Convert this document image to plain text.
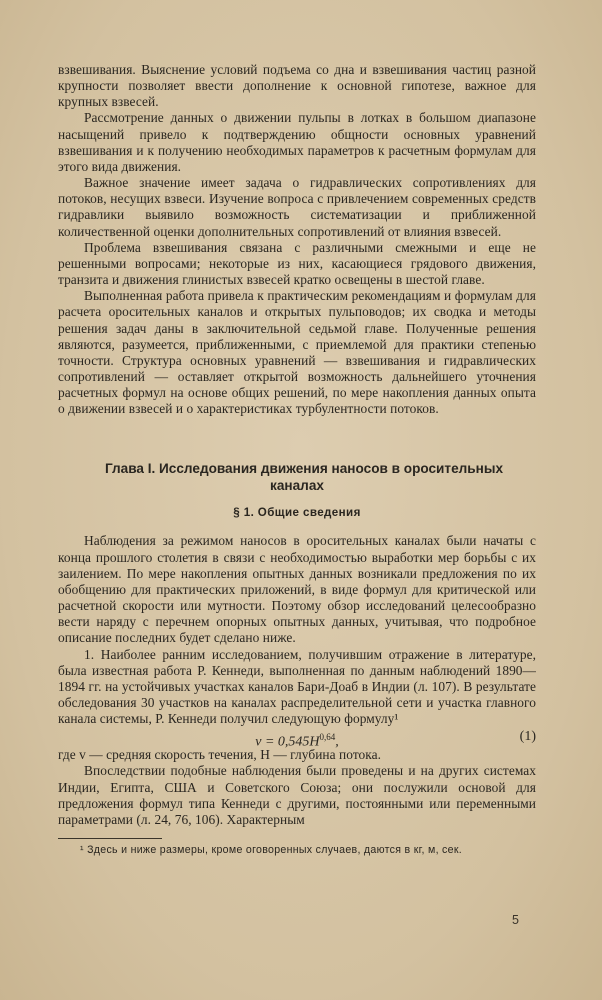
взвешивания. Выяснение условий подъема со дна и взвешивания частиц разной крупности позволяет ввести дополнение к основной гипотезе, важное для крупных взвесей.

Рассмотрение данных о движении пульпы в лотках в большом диапазоне насыщений привело к подтверждению общности основных уравнений взвешивания и к получению необходимых параметров к расчетным формулам для этого вида движения.

Важное значение имеет задача о гидравлических сопротивлениях для потоков, несущих взвеси. Изучение вопроса с привлечением современных средств гидравлики выявило возможность систематизации и приближенной количественной оценки дополнительных сопротивлений от влияния взвесей.

Проблема взвешивания связана с различными смежными и еще не решенными вопросами; некоторые из них, касающиеся грядового движения, транзита и движения глинистых взвесей кратко освещены в шестой главе.

Выполненная работа привела к практическим рекомендациям и формулам для расчета оросительных каналов и открытых пульповодов; их сводка и методы решения задач даны в заключительной седьмой главе. Полученные решения являются, разумеется, приближенными, с приемлемой для практики степенью точности. Структура основных уравнений — взвешивания и гидравлических сопротивлений — оставляет открытой возможность дальнейшего уточнения расчетных формул на основе общих решений, по мере накопления данных опыта о движении взвесей и о характеристиках турбулентности потоков.

Глава I. Исследования движения наносов в оросительных
каналах
§ 1. Общие сведения

Наблюдения за режимом наносов в оросительных каналах были начаты с конца прошлого столетия в связи с необходимостью выработки мер борьбы с их заилением. По мере накопления опытных данных возникали предложения по их обобщению для практических приложений, в виде формул для критической или расчетной скорости или мутности. Поэтому обзор исследований целесообразно вести наряду с перечнем опорных опытных данных, учитывая, что подробное описание последних будет сделано ниже.

1. Наиболее ранним исследованием, получившим отражение в литературе, была известная работа Р. Кеннеди, выполненная по данным наблюдений 1890—1894 гг. на устойчивых участках каналов Бари-Доаб в Индии (л. 107). В результате обследования 30 участков на каналах распределительной сети и участка главного канала системы, Р. Кеннеди получил следующую формулу¹

$v = 0,545H^{0,64}$,	(1)

где v — средняя скорость течения, H — глубина потока.

Впоследствии подобные наблюдения были проведены и на других системах Индии, Египта, США и Советского Союза; они послужили основой для предложения формул типа Кеннеди с другими, постоянными или переменными параметрами (л. 24, 76, 106). Характерным

¹ Здесь и ниже размеры, кроме оговоренных случаев, даются в кг, м, сек.

5
